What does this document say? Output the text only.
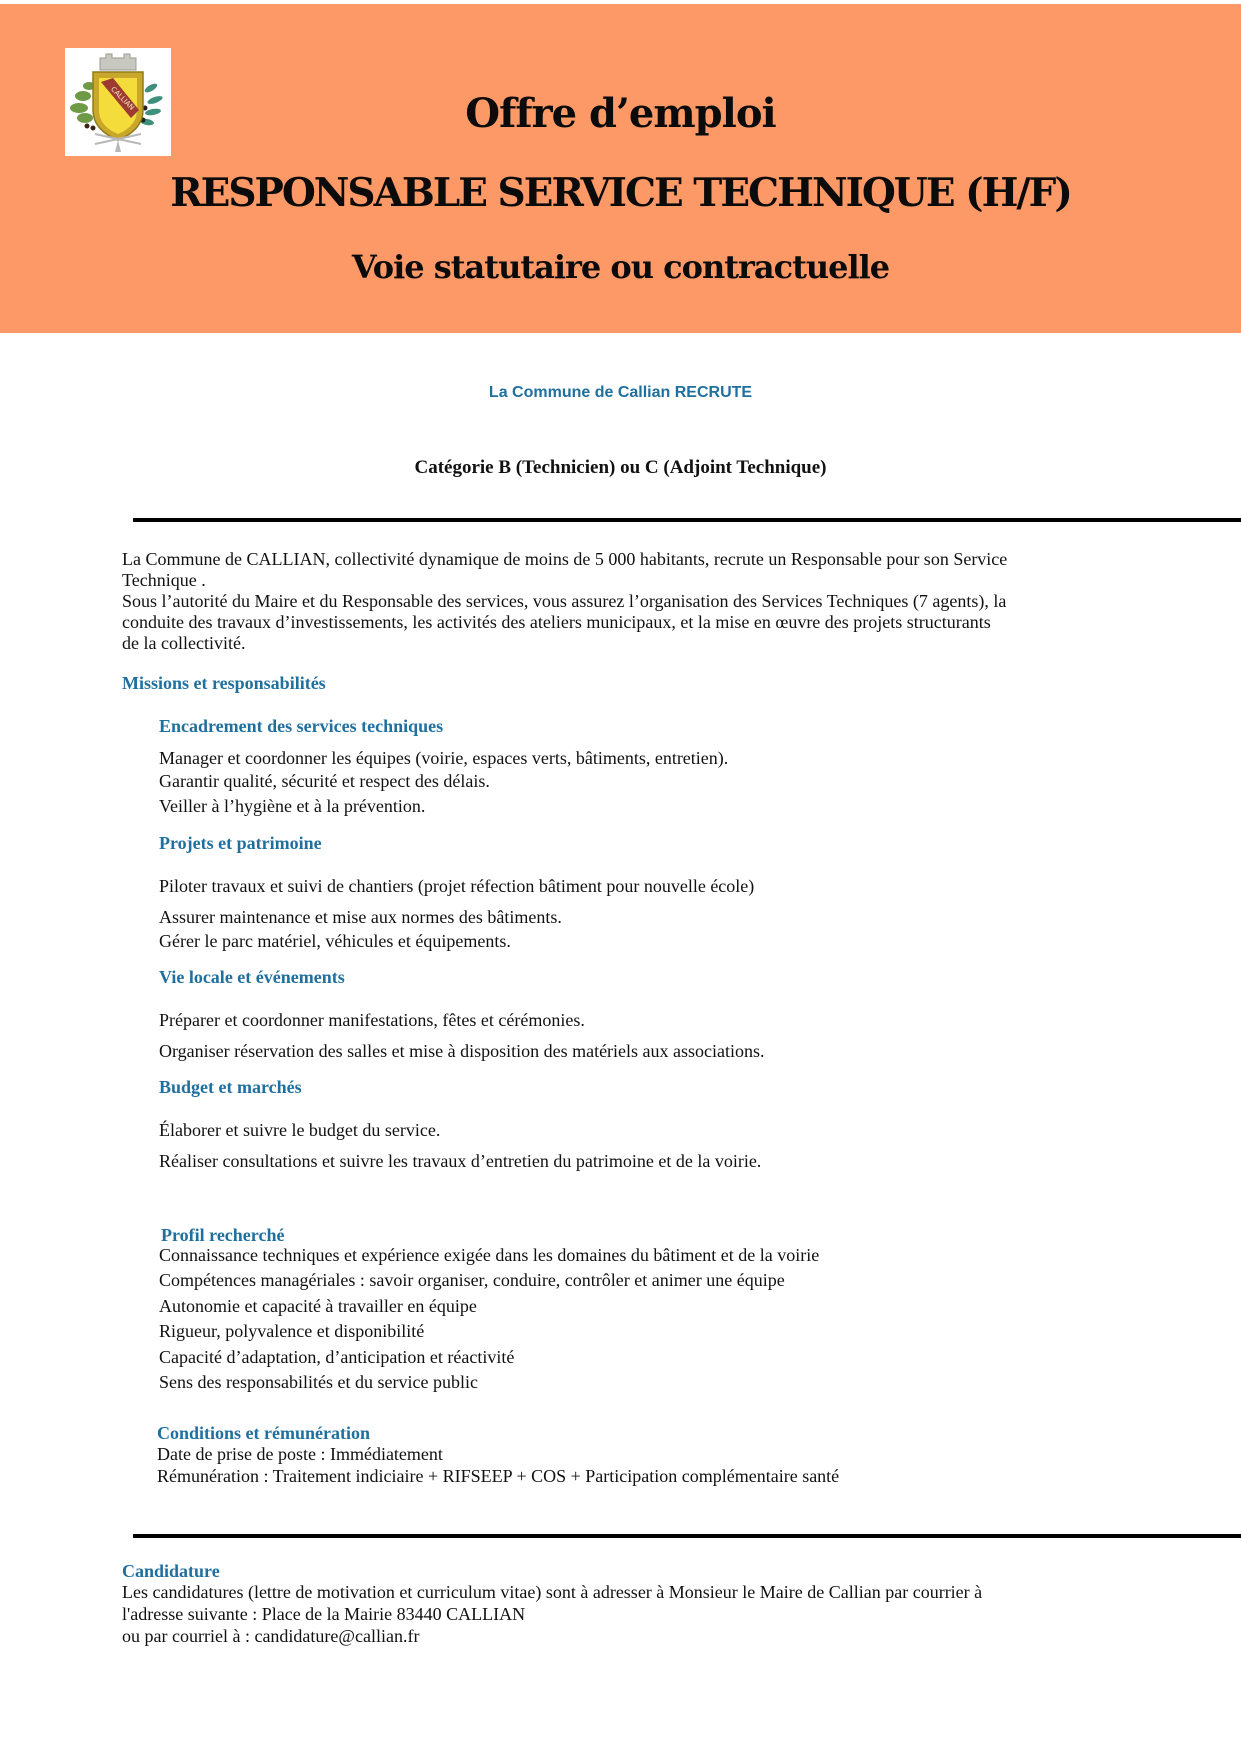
CALLIAN	Offre d’emploi
RESPONSABLE SERVICE TECHNIQUE (H/F)
Voie statutaire ou contractuelle
La Commune de Callian RECRUTE
Catégorie B (Technicien) ou C (Adjoint Technique)

La Commune de CALLIAN, collectivité dynamique de moins de 5 000 habitants, recrute un Responsable pour son Service

Technique .

Sous l’autorité du Maire et du Responsable des services, vous assurez l’organisation des Services Techniques (7 agents), la

conduite des travaux d’investissements, les activités des ateliers municipaux, et la mise en œuvre des projets structurants

de la collectivité.

Missions et responsabilités
Encadrement des services techniques
Manager et coordonner les équipes (voirie, espaces verts, bâtiments, entretien).
Garantir qualité, sécurité et respect des délais.
Veiller à l’hygiène et à la prévention.
Projets et patrimoine
Piloter travaux et suivi de chantiers (projet réfection bâtiment pour nouvelle école)
Assurer maintenance et mise aux normes des bâtiments.
Gérer le parc matériel, véhicules et équipements.
Vie locale et événements
Préparer et coordonner manifestations, fêtes et cérémonies.
Organiser réservation des salles et mise à disposition des matériels aux associations.
Budget et marchés
Élaborer et suivre le budget du service.
Réaliser consultations et suivre les travaux d’entretien du patrimoine et de la voirie.
Profil recherché
Connaissance techniques et expérience exigée dans les domaines du bâtiment et de la voirie
Compétences managériales : savoir organiser, conduire, contrôler et animer une équipe
Autonomie et capacité à travailler en équipe
Rigueur, polyvalence et disponibilité
Capacité d’adaptation, d’anticipation et réactivité
Sens des responsabilités et du service public
Conditions et rémunération
Date de prise de poste : Immédiatement
Rémunération : Traitement indiciaire + RIFSEEP + COS + Participation complémentaire santé
Candidature
Les candidatures (lettre de motivation et curriculum vitae) sont à adresser à Monsieur le Maire de Callian par courrier à
l'adresse suivante : Place de la Mairie 83440 CALLIAN
ou par courriel à : candidature@callian.fr
